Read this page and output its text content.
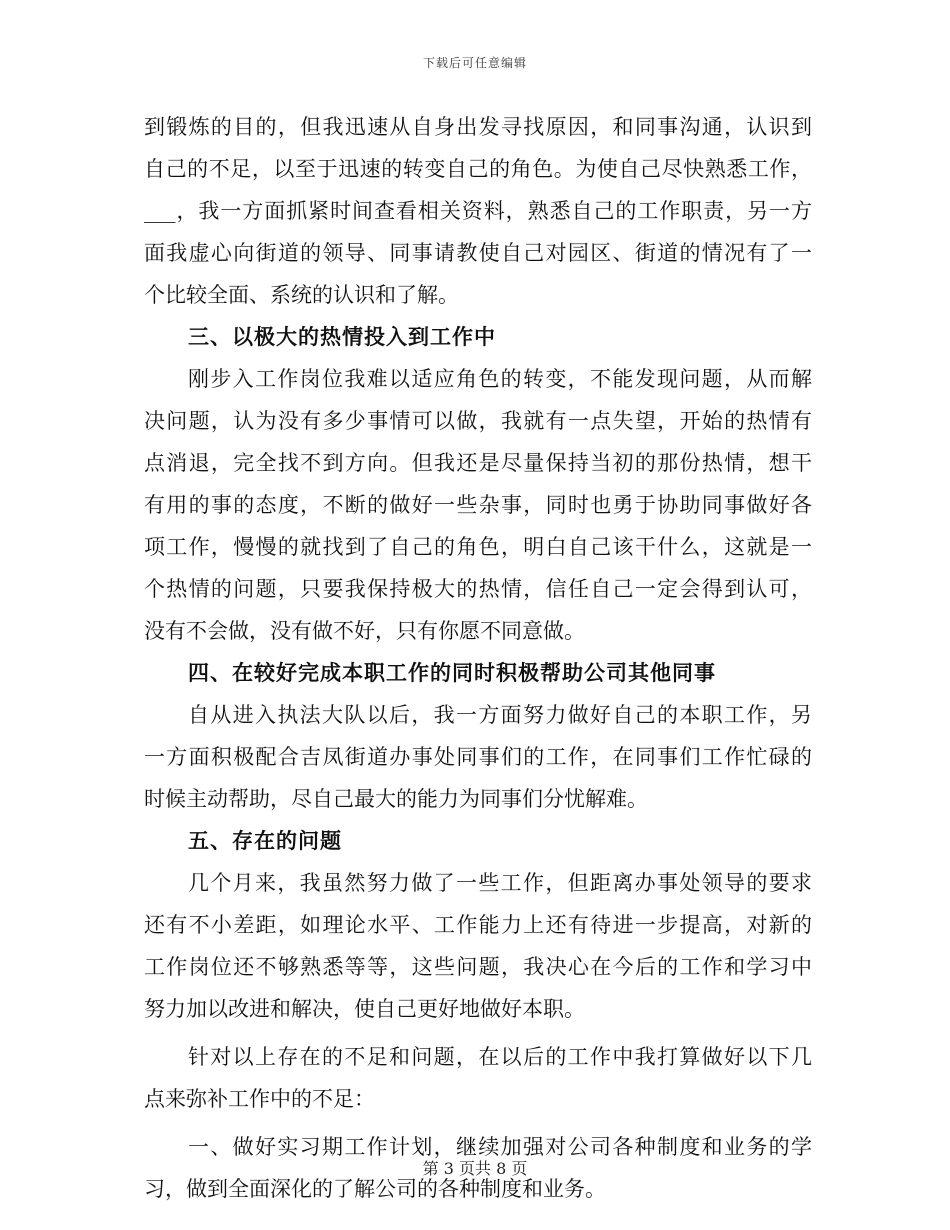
下载后可任意编辑
到锻炼的目的，但我迅速从自身出发寻找原因，和同事沟通，认识到
自己的不足，以至于迅速的转变自己的角色。为使自己尽快熟悉工作，
___，我一方面抓紧时间查看相关资料，熟悉自己的工作职责，另一方
面我虚心向街道的领导、同事请教使自己对园区、街道的情况有了一
个比较全面、系统的认识和了解。
三、以极大的热情投入到工作中
刚步入工作岗位我难以适应角色的转变，不能发现问题，从而解
决问题，认为没有多少事情可以做，我就有一点失望，开始的热情有
点消退，完全找不到方向。但我还是尽量保持当初的那份热情，想干
有用的事的态度，不断的做好一些杂事，同时也勇于协助同事做好各
项工作，慢慢的就找到了自己的角色，明白自己该干什么，这就是一
个热情的问题，只要我保持极大的热情，信任自己一定会得到认可，
没有不会做，没有做不好，只有你愿不同意做。
四、在较好完成本职工作的同时积极帮助公司其他同事
自从进入执法大队以后，我一方面努力做好自己的本职工作，另
一方面积极配合吉凤街道办事处同事们的工作，在同事们工作忙碌的
时候主动帮助，尽自己最大的能力为同事们分忧解难。
五、存在的问题
几个月来，我虽然努力做了一些工作，但距离办事处领导的要求
还有不小差距，如理论水平、工作能力上还有待进一步提高，对新的
工作岗位还不够熟悉等等，这些问题，我决心在今后的工作和学习中
努力加以改进和解决，使自己更好地做好本职。
针对以上存在的不足和问题，在以后的工作中我打算做好以下几
点来弥补工作中的不足：
一、做好实习期工作计划，继续加强对公司各种制度和业务的学
习，做到全面深化的了解公司的各种制度和业务。
第 3 页共 8 页
